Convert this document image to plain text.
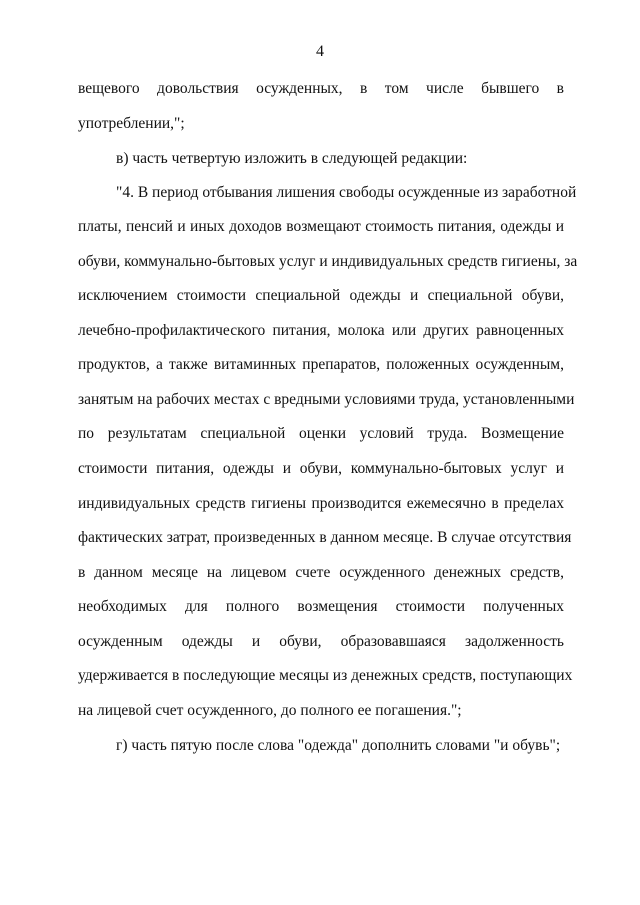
4
вещевого довольствия осужденных, в том числе бывшего в
употреблении,";
в) часть четвертую изложить в следующей редакции:
"4. В период отбывания лишения свободы осужденные из заработной
платы, пенсий и иных доходов возмещают стоимость питания, одежды и
обуви, коммунально-бытовых услуг и индивидуальных средств гигиены, за
исключением стоимости специальной одежды и специальной обуви,
лечебно-профилактического питания, молока или других равноценных
продуктов, а также витаминных препаратов, положенных осужденным,
занятым на рабочих местах с вредными условиями труда, установленными
по результатам специальной оценки условий труда. Возмещение
стоимости питания, одежды и обуви, коммунально-бытовых услуг и
индивидуальных средств гигиены производится ежемесячно в пределах
фактических затрат, произведенных в данном месяце. В случае отсутствия
в данном месяце на лицевом счете осужденного денежных средств,
необходимых для полного возмещения стоимости полученных
осужденным одежды и обуви, образовавшаяся задолженность
удерживается в последующие месяцы из денежных средств, поступающих
на лицевой счет осужденного, до полного ее погашения.";
г) часть пятую после слова "одежда" дополнить словами "и обувь";
